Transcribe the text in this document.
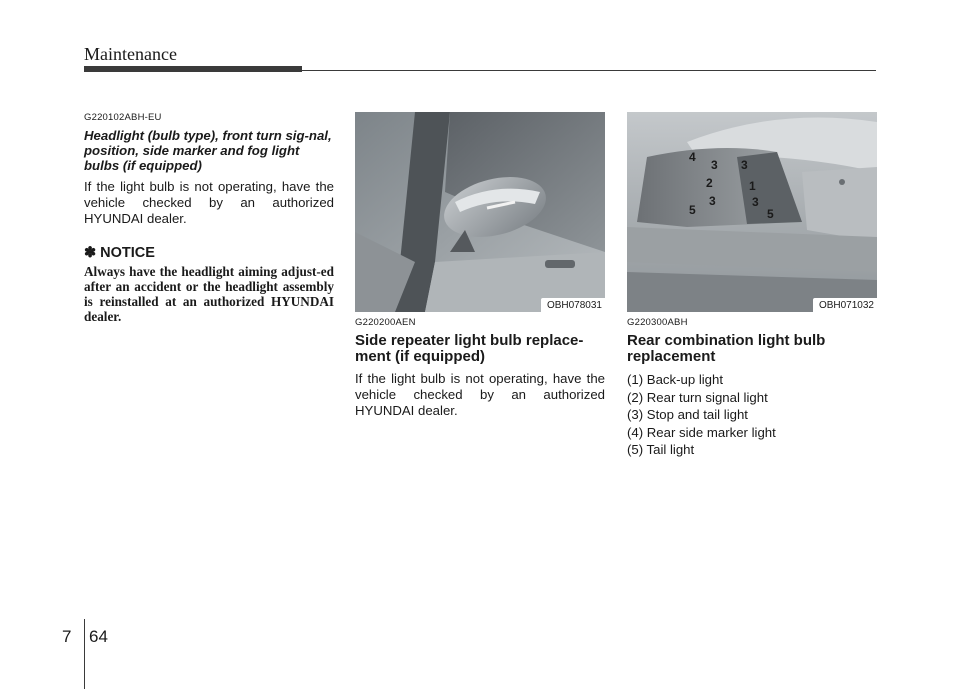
Maintenance

G220102ABH-EU

Headlight (bulb type), front turn sig-nal, position, side marker and fog light bulbs (if equipped)

If the light bulb is not operating, have the vehicle checked by an authorized HYUNDAI dealer.

✽ NOTICE

Always have the headlight aiming adjust-ed after an accident or the headlight assembly is reinstalled at an authorized HYUNDAI dealer.

OBH078031

G220200AEN

Side repeater light bulb replace-ment (if equipped)

If the light bulb is not operating, have the vehicle checked by an authorized HYUNDAI dealer.

4
3 3
2	1
3	3
5	5
OBH071032

G220300ABH

Rear combination light bulb replacement

(1) Back-up light
(2) Rear turn signal light
(3) Stop and tail light
(4) Rear side marker light
(5) Tail light
7 64
